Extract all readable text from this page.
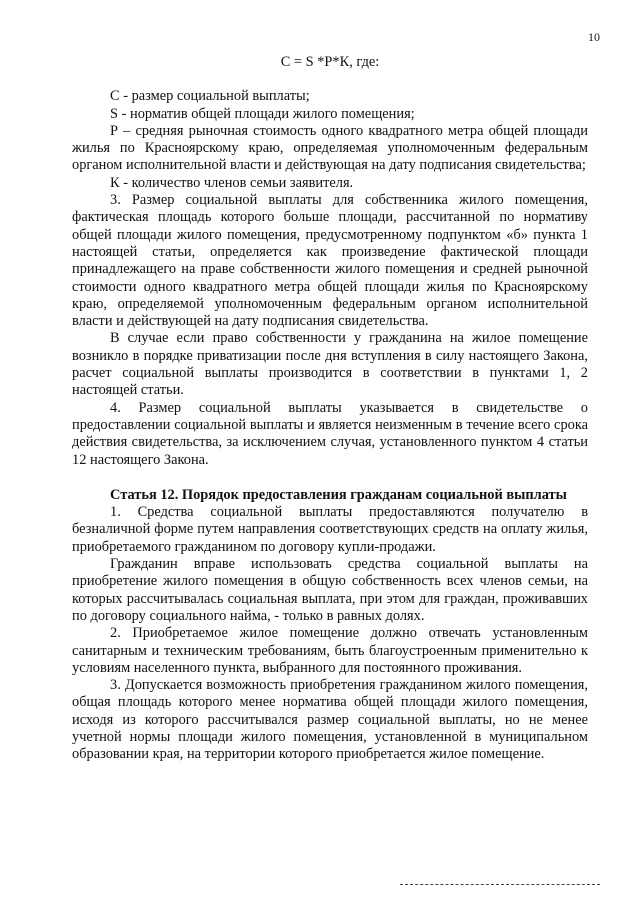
10
С = S *Р*К, где:

С - размер социальной выплаты;

S - норматив общей площади жилого помещения;

Р – средняя рыночная стоимость одного квадратного метра общей площади жилья по Красноярскому краю, определяемая уполномоченным федеральным органом исполнительной власти и действующая на дату подписания свидетельства;

К - количество членов семьи заявителя.

3. Размер социальной выплаты для собственника жилого помещения, фактическая площадь которого больше площади, рассчитанной по нормативу общей площади жилого помещения, предусмотренному подпунктом «б» пункта 1 настоящей статьи, определяется как произведение фактической площади принадлежащего на праве собственности жилого помещения и средней рыночной стоимости одного квадратного метра общей площади жилья по Красноярскому краю, определяемой уполномоченным федеральным органом исполнительной власти и действующей на дату подписания свидетельства.

В случае если право собственности у гражданина на жилое помещение возникло в порядке приватизации после дня вступления в силу настоящего Закона, расчет социальной выплаты производится в соответствии в пунктами 1, 2 настоящей статьи.

4. Размер социальной выплаты указывается в свидетельстве о предоставлении социальной выплаты и является неизменным в течение всего срока действия свидетельства, за исключением случая, установленного пунктом 4 статьи 12 настоящего Закона.

Статья 12. Порядок предоставления гражданам социальной выплаты

1. Средства социальной выплаты предоставляются получателю в безналичной форме путем направления соответствующих средств на оплату жилья, приобретаемого гражданином по договору купли-продажи.

Гражданин вправе использовать средства социальной выплаты на приобретение жилого помещения в общую собственность всех членов семьи, на которых рассчитывалась социальная выплата, при этом для граждан, проживавших по договору социального найма, - только в равных долях.

2. Приобретаемое жилое помещение должно отвечать установленным санитарным и техническим требованиям, быть благоустроенным применительно к условиям населенного пункта, выбранного для постоянного проживания.

3. Допускается возможность приобретения гражданином жилого помещения, общая площадь которого менее норматива общей площади жилого помещения, исходя из которого рассчитывался размер социальной выплаты, но не менее учетной нормы площади жилого помещения, установленной в муниципальном образовании края, на территории которого приобретается жилое помещение.
